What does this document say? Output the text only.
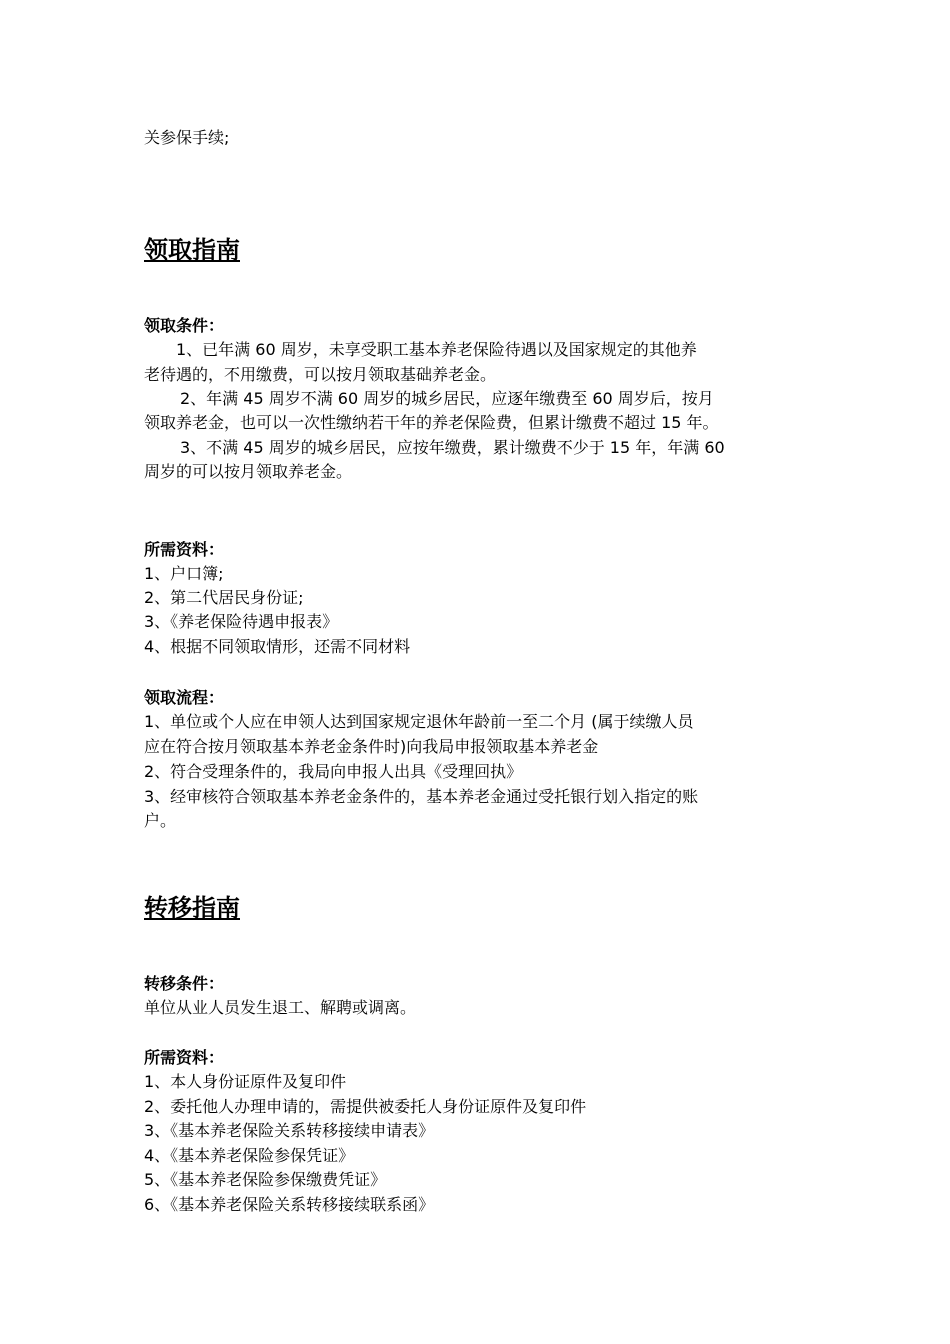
关参保手续;
领取指南
领取条件：
1、已年满 60 周岁，未享受职工基本养老保险待遇以及国家规定的其他养
老待遇的，不用缴费，可以按月领取基础养老金。
2、年满 45 周岁不满 60 周岁的城乡居民，应逐年缴费至 60 周岁后，按月
领取养老金，也可以一次性缴纳若干年的养老保险费，但累计缴费不超过 15 年。
3、不满 45 周岁的城乡居民，应按年缴费，累计缴费不少于 15 年，年满 60
周岁的可以按月领取养老金。
所需资料：
1、户口簿;
2、第二代居民身份证;
3、《养老保险待遇申报表》
4、根据不同领取情形，还需不同材料
领取流程：
1、单位或个人应在申领人达到国家规定退休年龄前一至二个月 (属于续缴人员
应在符合按月领取基本养老金条件时)向我局申报领取基本养老金
2、符合受理条件的，我局向申报人出具《受理回执》
3、经审核符合领取基本养老金条件的，基本养老金通过受托银行划入指定的账
户。
转移指南
转移条件：
单位从业人员发生退工、解聘或调离。
所需资料：
1、本人身份证原件及复印件
2、委托他人办理申请的，需提供被委托人身份证原件及复印件
3、《基本养老保险关系转移接续申请表》
4、《基本养老保险参保凭证》
5、《基本养老保险参保缴费凭证》
6、《基本养老保险关系转移接续联系函》
